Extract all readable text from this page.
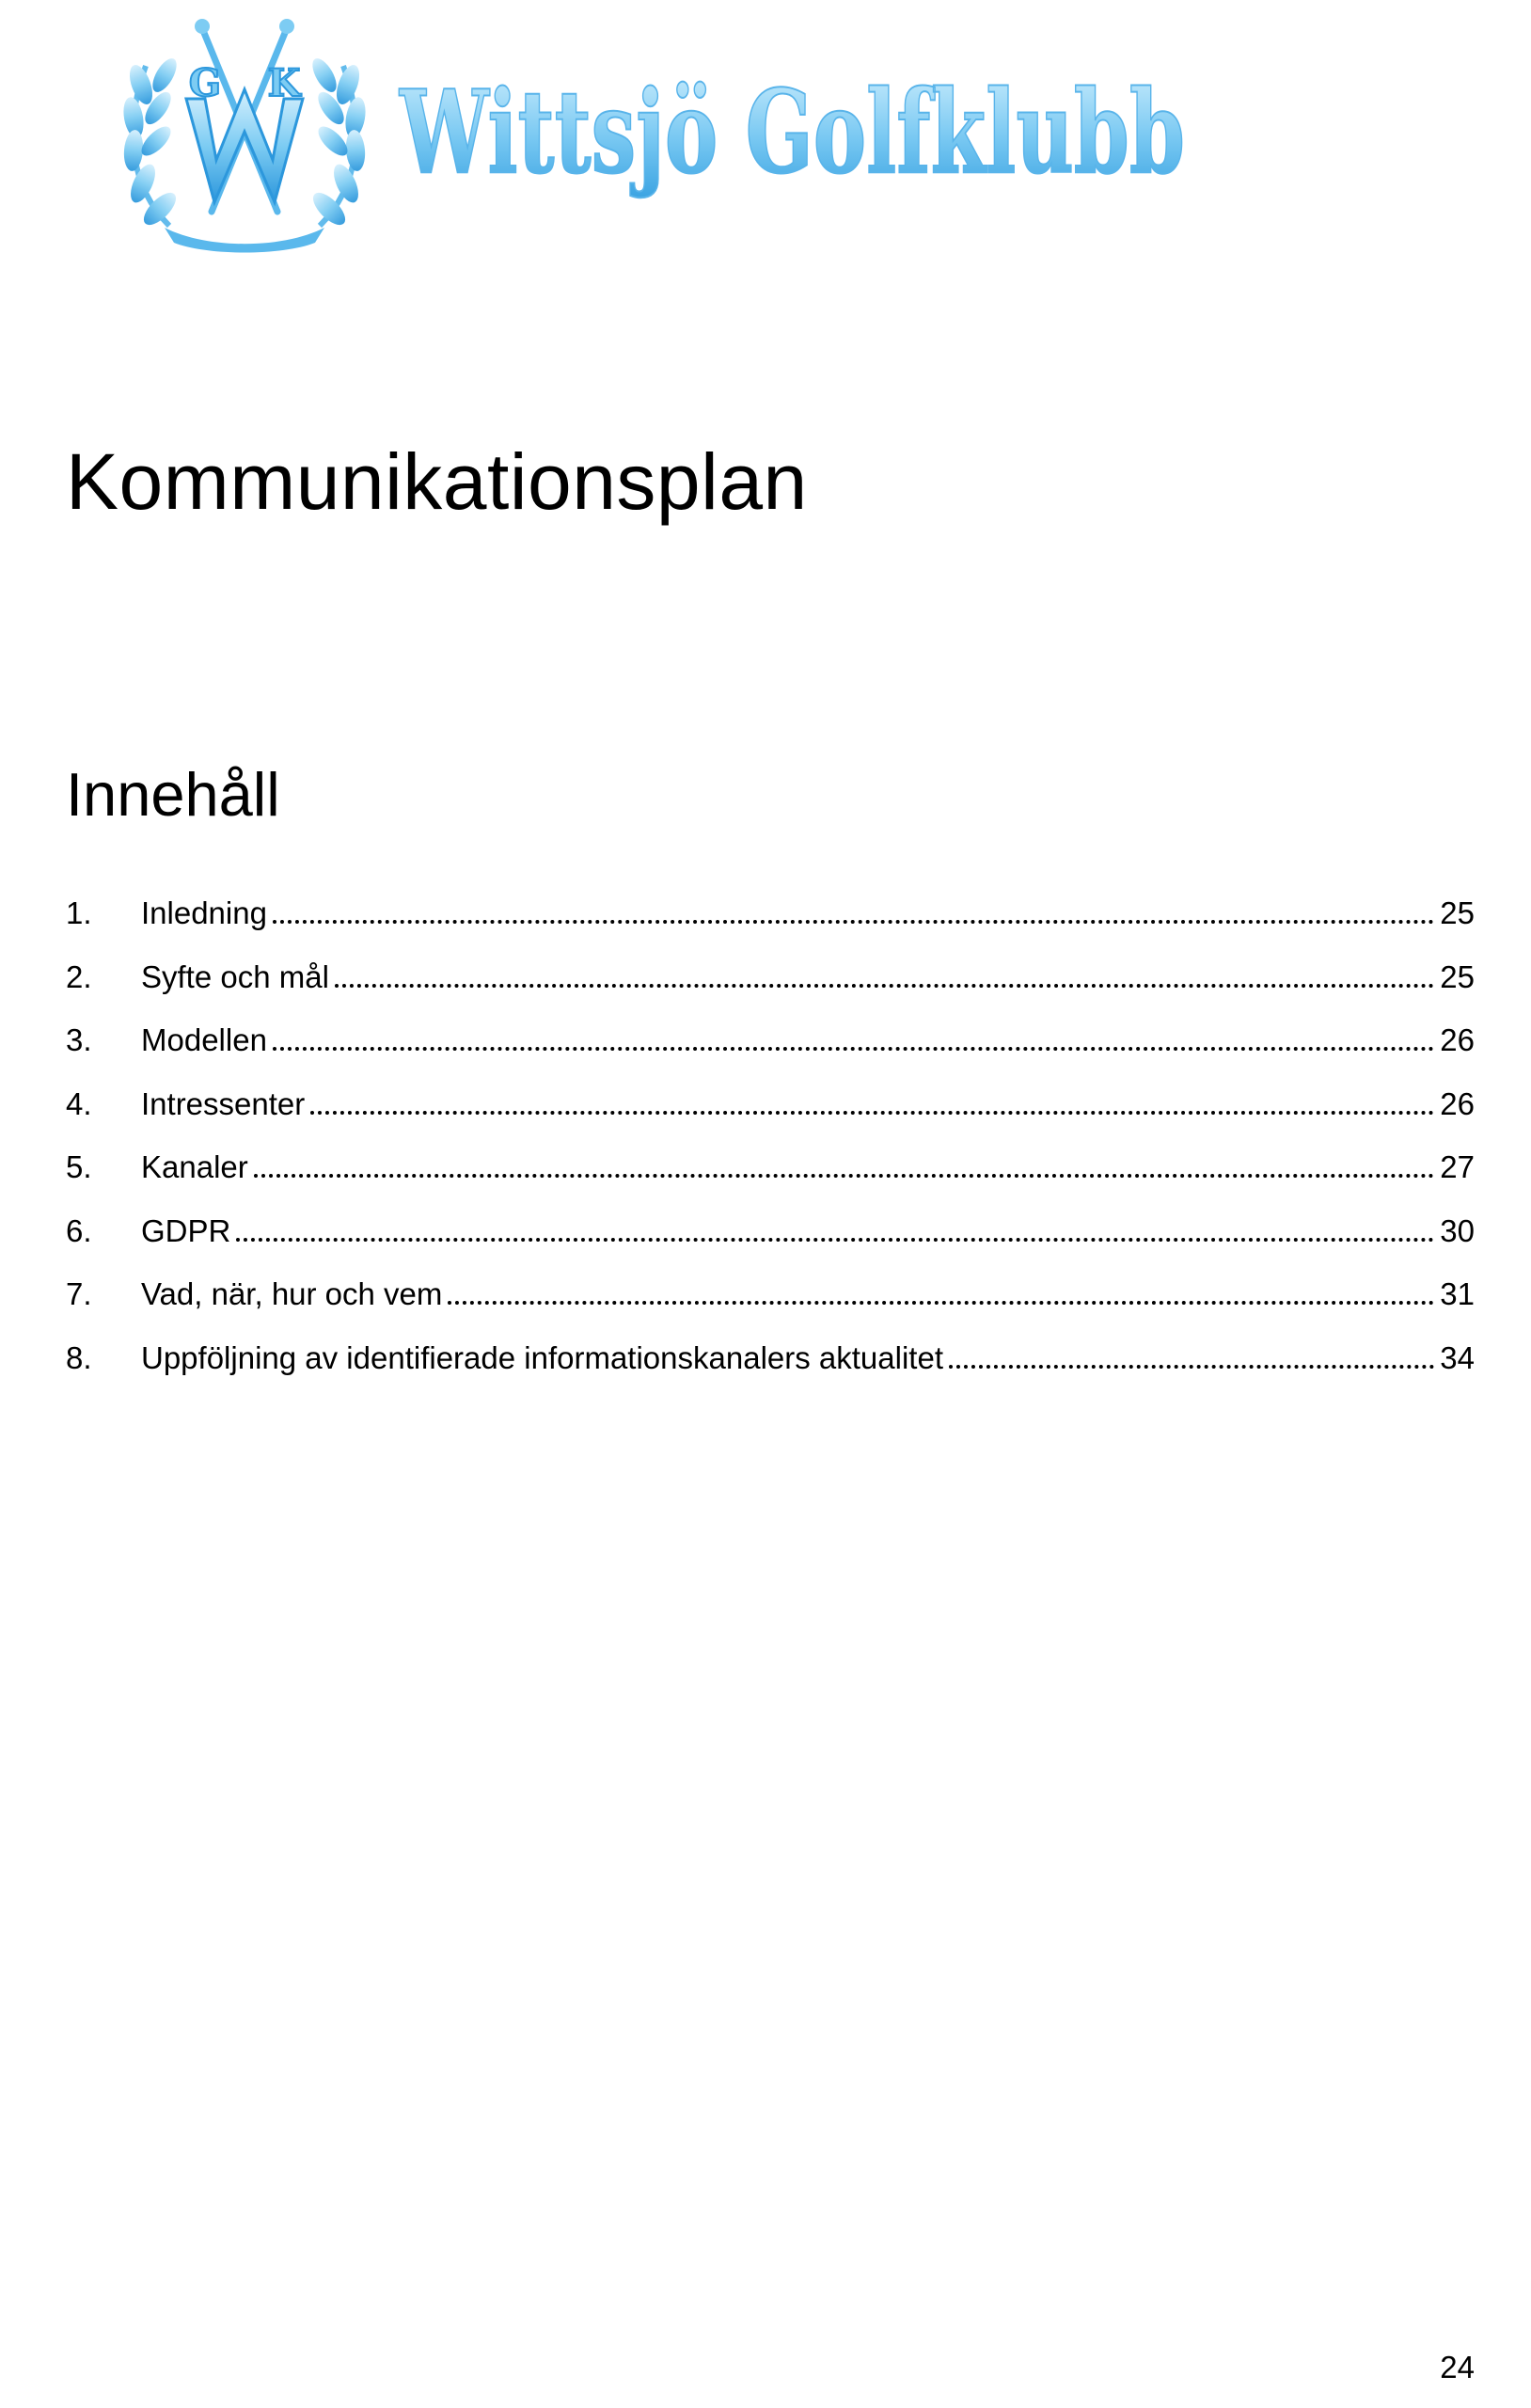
G K Wittsjö Golfklubb
Kommunikationsplan
Innehåll
1.	Inledning	25
2.	Syfte och mål	25
3.	Modellen	26
4.	Intressenter	26
5.	Kanaler	27
6.	GDPR	30
7.	Vad, när, hur och vem	31
8.	Uppföljning av identifierade informationskanalers aktualitet	34
24
